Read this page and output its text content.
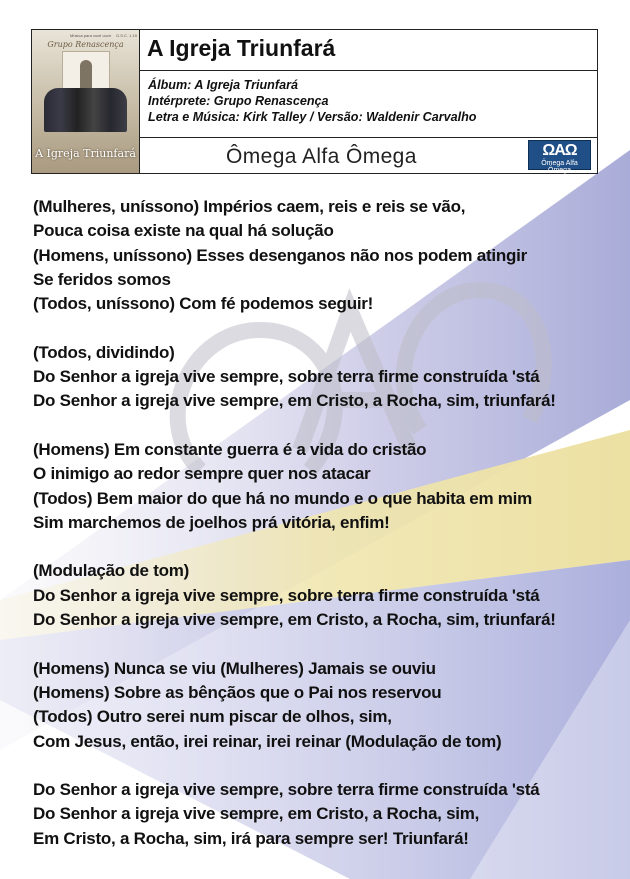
Música para você ouvir G.S.C. 1.19
Grupo Renascença
A Igreja Triunfará
A Igreja Triunfará
Álbum: A Igreja Triunfará
Intérprete: Grupo Renascença
Letra e Música: Kirk Talley / Versão: Waldenir Carvalho
Ômega Alfa Ômega	ΩAΩ
Ômega Alfa Ômega
(Mulheres, uníssono) Impérios caem, reis e reis se vão,
Pouca coisa existe na qual há solução
(Homens, uníssono) Esses desenganos não nos podem atingir
Se feridos somos
(Todos, uníssono) Com fé podemos seguir!
(Todos, dividindo)
Do Senhor a igreja vive sempre, sobre terra firme construída 'stá
Do Senhor a igreja vive sempre, em Cristo, a Rocha, sim, triunfará!
(Homens) Em constante guerra é a vida do cristão
O inimigo ao redor sempre quer nos atacar
(Todos) Bem maior do que há no mundo e o que habita em mim
Sim marchemos de joelhos prá vitória, enfim!
(Modulação de tom)
Do Senhor a igreja vive sempre, sobre terra firme construída 'stá
Do Senhor a igreja vive sempre, em Cristo, a Rocha, sim, triunfará!
(Homens) Nunca se viu (Mulheres) Jamais se ouviu
(Homens) Sobre as bênçãos que o Pai nos reservou
(Todos) Outro serei num piscar de olhos, sim,
Com Jesus, então, irei reinar, irei reinar (Modulação de tom)
Do Senhor a igreja vive sempre, sobre terra firme construída 'stá
Do Senhor a igreja vive sempre, em Cristo, a Rocha, sim,
Em Cristo, a Rocha, sim, irá para sempre ser! Triunfará!
